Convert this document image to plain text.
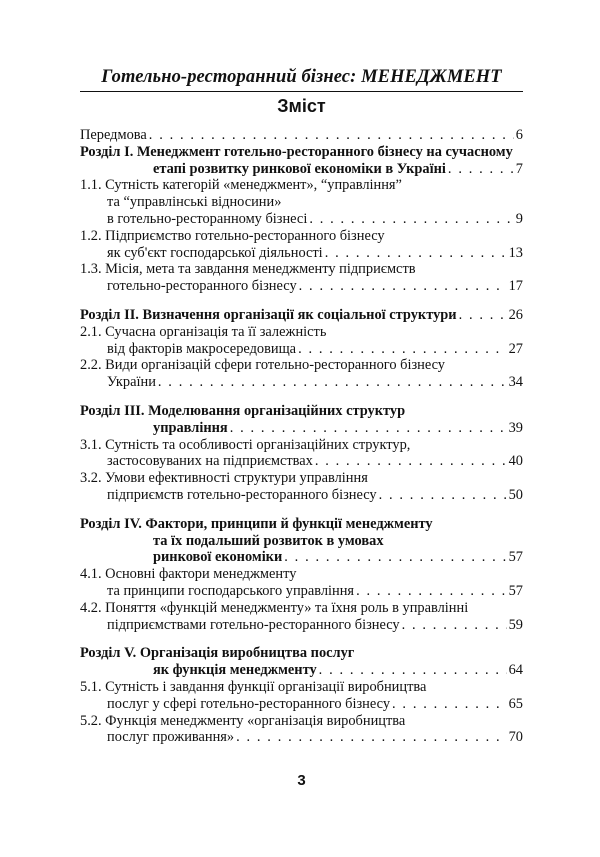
Готельно-ресторанний бізнес: МЕНЕДЖМЕНТ
Зміст
Передмова . . .	6
Розділ І. Менеджмент готельно-ресторанного бізнесу на сучасному
етапі розвитку ринкової економіки в Україні . . .	7
1.1. Сутність категорій «менеджмент», “управління”
та “управлінські відносини»
в готельно-ресторанному бізнесі . . .	9
1.2. Підприємство готельно-ресторанного бізнесу
як суб'єкт господарської діяльності . . .	13
1.3. Місія, мета та завдання менеджменту підприємств
готельно-ресторанного бізнесу . . .	17
Розділ ІІ. Визначення організації як соціальної структури . . .	26
2.1. Сучасна організація та її залежність
від факторів макросередовища . . .	27
2.2. Види організацій сфери готельно-ресторанного бізнесу
України . . .	34
Розділ ІІІ. Моделювання організаційних структур
управління . . .	39
3.1. Сутність та особливості організаційних структур,
застосовуваних на підприємствах . . .	40
3.2. Умови ефективності структури управління
підприємств готельно-ресторанного бізнесу . . .	50
Розділ ІV. Фактори, принципи й функції менеджменту
та їх подальший розвиток в умовах
ринкової економіки . . .	57
4.1. Основні фактори менеджменту
та принципи господарського управління . . .	57
4.2. Поняття «функцій менеджменту» та їхня роль в управлінні
підприємствами готельно-ресторанного бізнесу . . .	59
Розділ V. Організація виробництва послуг
як функція менеджменту . . .	64
5.1. Сутність і завдання функції організації виробництва
послуг у сфері готельно-ресторанного бізнесу . . .	65
5.2. Функція менеджменту «організація виробництва
послуг проживання» . . .	70
3
